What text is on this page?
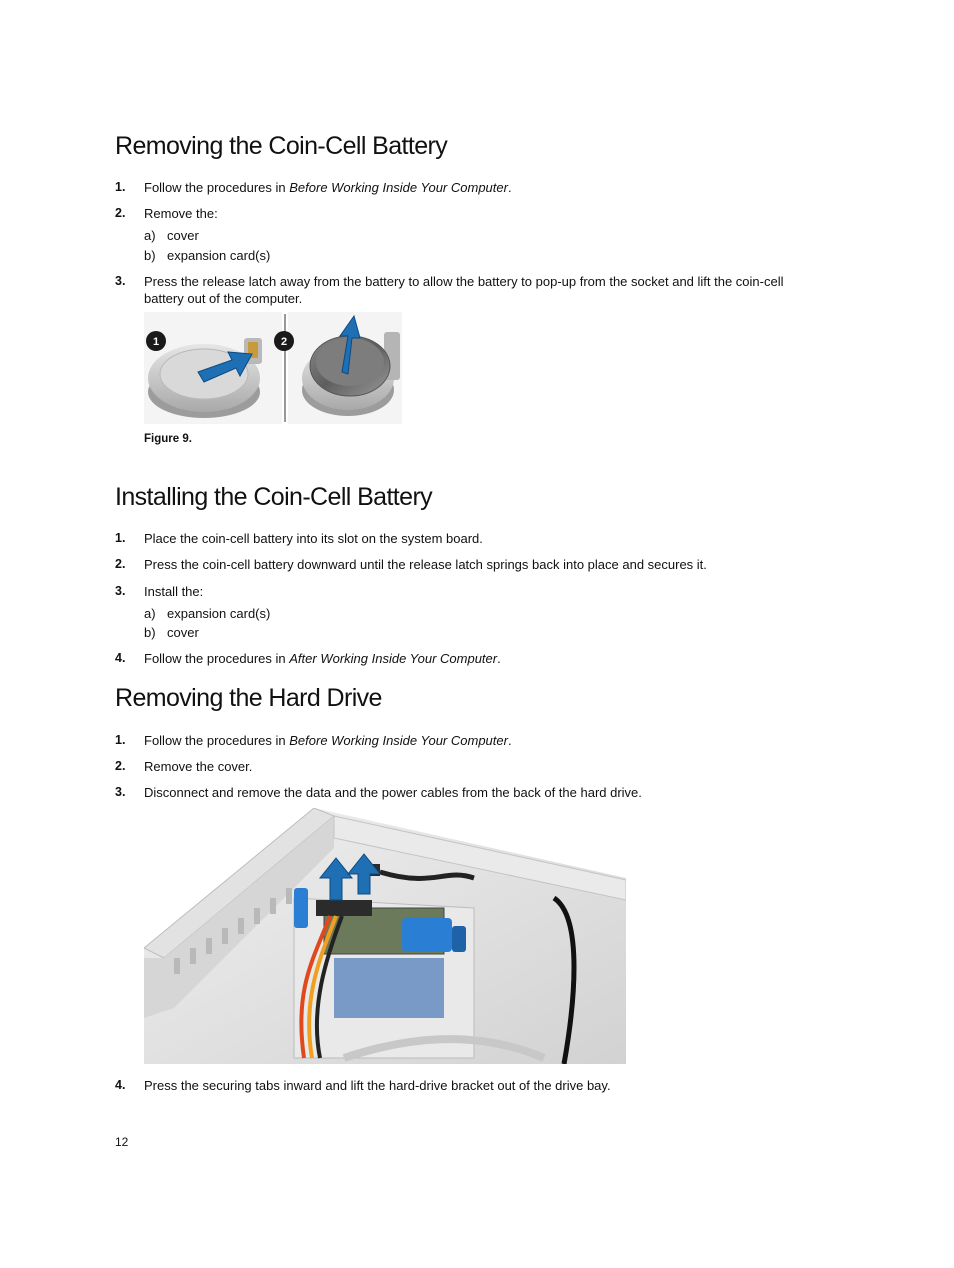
Removing the Coin-Cell Battery
1. Follow the procedures in Before Working Inside Your Computer.
2. Remove the:
a) cover
b) expansion card(s)
3. Press the release latch away from the battery to allow the battery to pop-up from the socket and lift the coin-cell battery out of the computer.
1	2
Figure 9.
Installing the Coin-Cell Battery
1. Place the coin-cell battery into its slot on the system board.
2. Press the coin-cell battery downward until the release latch springs back into place and secures it.
3. Install the:
a) expansion card(s)
b) cover
4. Follow the procedures in After Working Inside Your Computer.
Removing the Hard Drive
1. Follow the procedures in Before Working Inside Your Computer.
2. Remove the cover.
3. Disconnect and remove the data and the power cables from the back of the hard drive.
4. Press the securing tabs inward and lift the hard-drive bracket out of the drive bay.
12
